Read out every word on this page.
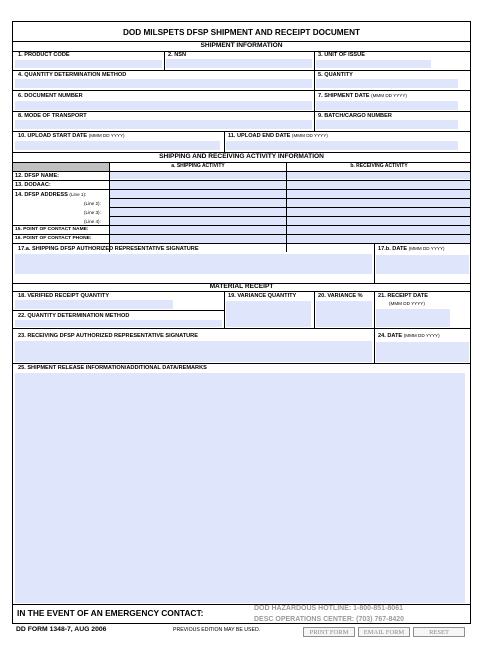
DOD MILSPETS DFSP SHIPMENT AND RECEIPT DOCUMENT
SHIPMENT INFORMATION
1. PRODUCT CODE	2. NSN	3. UNIT OF ISSUE
4. QUANTITY DETERMINATION METHOD	5. QUANTITY
6. DOCUMENT NUMBER	7. SHIPMENT DATE (MMM DD YYYY)
8. MODE OF TRANSPORT	9. BATCH/CARGO NUMBER
10. UPLOAD START DATE (MMM DD YYYY)	11. UPLOAD END DATE (MMM DD YYYY)
SHIPPING AND RECEIVING ACTIVITY INFORMATION
a. SHIPPING ACTIVITY	b. RECEIVING ACTIVITY
12. DFSP NAME:
13. DODAAC:
14. DFSP ADDRESS (Line 1):
(Line 2):
(Line 3):
(Line 4):
15. POINT OF CONTACT NAME:
16. POINT OF CONTACT PHONE:
17.a. SHIPPING DFSP AUTHORIZED REPRESENTATIVE SIGNATURE	17.b. DATE (MMM DD YYYY)
MATERIAL RECEIPT
18. VERIFIED RECEIPT QUANTITY	19. VARIANCE QUANTITY	20. VARIANCE %	21. RECEIPT DATE
(MMM DD YYYY)
22. QUANTITY DETERMINATION METHOD
23. RECEIVING DFSP AUTHORIZED REPRESENTATIVE SIGNATURE	24. DATE (MMM DD YYYY)
25. SHIPMENT RELEASE INFORMATION/ADDITIONAL DATA/REMARKS
IN THE EVENT OF AN EMERGENCY CONTACT:	DOD HAZARDOUS HOTLINE: 1-800-851-8061
DESC OPERATIONS CENTER: (703) 767-8420
DD FORM 1348-7, AUG 2006	PREVIOUS EDITION MAY BE USED.	PRINT FORM	EMAIL FORM	RESET
